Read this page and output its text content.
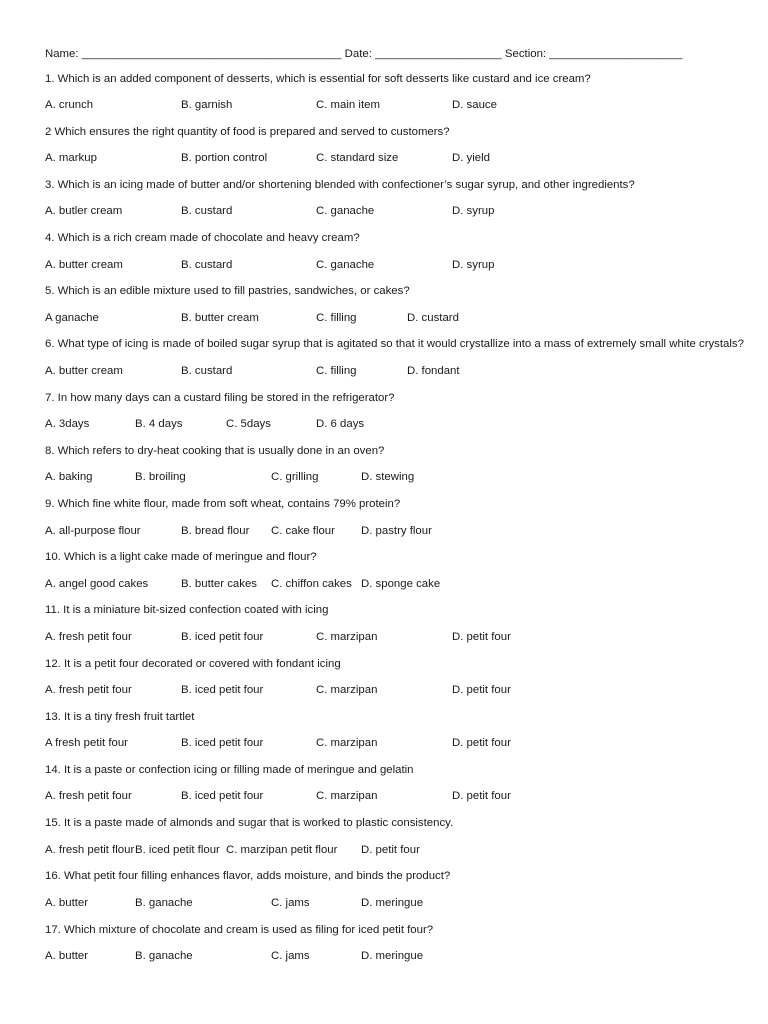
Name: _________________________________________ Date: ____________________ Section: _____________________
1. Which is an added component of desserts, which is essential for soft desserts like custard and ice cream?
A. crunch	B. garnish	C. main item	D. sauce
2 Which ensures the right quantity of food is prepared and served to customers?
A. markup	B. portion control	C. standard size	D. yield
3. Which is an icing made of butter and/or shortening blended with confectioner’s sugar syrup, and other ingredients?
A. butler cream	B. custard	C. ganache	D. syrup
4. Which is a rich cream made of chocolate and heavy cream?
A. butter cream	B. custard	C. ganache	D. syrup
5. Which is an edible mixture used to fill pastries, sandwiches, or cakes?
A ganache	B. butter cream	C. filling	D. custard
6. What type of icing is made of boiled sugar syrup that is agitated so that it would crystallize into a mass of extremely small white crystals?
A. butter cream	B. custard	C. filling	D. fondant
7. In how many days can a custard filing be stored in the refrigerator?
A. 3days	B. 4 days	C. 5days	D. 6 days
8. Which refers to dry-heat cooking that is usually done in an oven?
A. baking	B. broiling	C. grilling	D. stewing
9. Which fine white flour, made from soft wheat, contains 79% protein?
A. all-purpose flour	B. bread flour C. cake flour D. pastry flour
10. Which is a light cake made of meringue and flour?
A. angel good cakes	B. butter cakes C. chiffon cakes D. sponge cake
11. It is a miniature bit-sized confection coated with icing
A. fresh petit four	B. iced petit four	C. marzipan	D. petit four
12. It is a petit four decorated or covered with fondant icing
A. fresh petit four	B. iced petit four	C. marzipan	D. petit four
13. It is a tiny fresh fruit tartlet
A fresh petit four	B. iced petit four	C. marzipan	D. petit four
14. It is a paste or confection icing or filling made of meringue and gelatin
A. fresh petit four	B. iced petit four	C. marzipan	D. petit four
15. It is a paste made of almonds and sugar that is worked to plastic consistency.
A. fresh petit flour B. iced petit flour C. marzipan petit flour D. petit four
16. What petit four filling enhances flavor, adds moisture, and binds the product?
A. butter	B. ganache	C. jams	D. meringue
17. Which mixture of chocolate and cream is used as filing for iced petit four?
A. butter	B. ganache	C. jams	D. meringue
